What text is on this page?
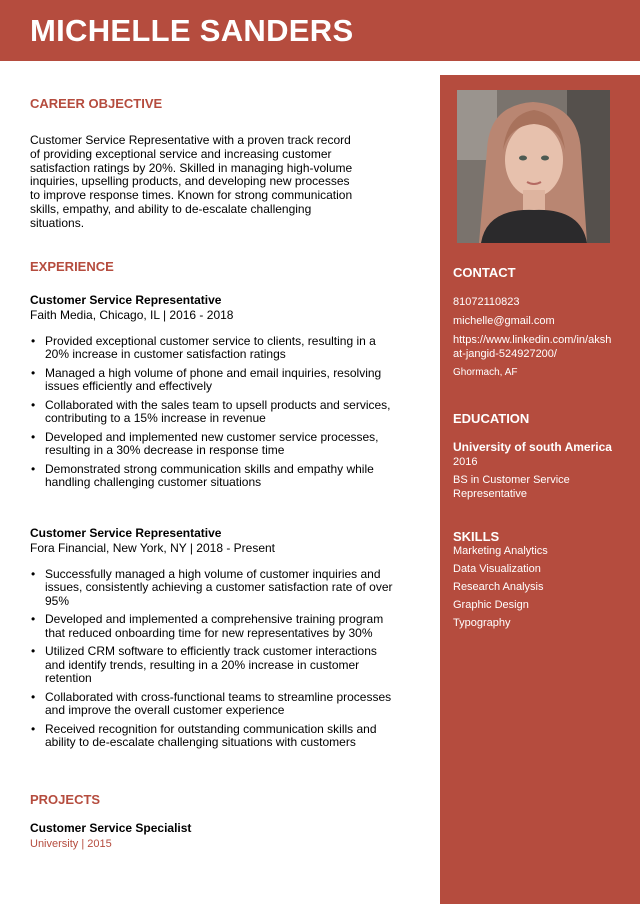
MICHELLE SANDERS
CAREER OBJECTIVE

Customer Service Representative with a proven track record of providing exceptional service and increasing customer satisfaction ratings by 20%. Skilled in managing high-volume inquiries, upselling products, and developing new processes to improve response times. Known for strong communication skills, empathy, and ability to de-escalate challenging situations.

EXPERIENCE

Customer Service Representative

Faith Media, Chicago, IL | 2016 - 2018

• Provided exceptional customer service to clients, resulting in a 20% increase in customer satisfaction ratings
• Managed a high volume of phone and email inquiries, resolving issues efficiently and effectively
• Collaborated with the sales team to upsell products and services, contributing to a 15% increase in revenue
• Developed and implemented new customer service processes, resulting in a 30% decrease in response time
• Demonstrated strong communication skills and empathy while handling challenging customer situations

Customer Service Representative

Fora Financial, New York, NY | 2018 - Present

• Successfully managed a high volume of customer inquiries and issues, consistently achieving a customer satisfaction rate of over 95%
• Developed and implemented a comprehensive training program that reduced onboarding time for new representatives by 30%
• Utilized CRM software to efficiently track customer interactions and identify trends, resulting in a 20% increase in customer retention
• Collaborated with cross-functional teams to streamline processes and improve the overall customer experience
• Received recognition for outstanding communication skills and ability to de-escalate challenging situations with customers
PROJECTS

Customer Service Specialist

University | 2015

CONTACT

81072110823

michelle@gmail.com

https://www.linkedin.com/in/aksh

at-jangid-524927200/

Ghormach, AF

EDUCATION

University of south America

2016

BS in Customer Service

Representative

SKILLS

Marketing Analytics

Data Visualization

Research Analysis

Graphic Design

Typography
